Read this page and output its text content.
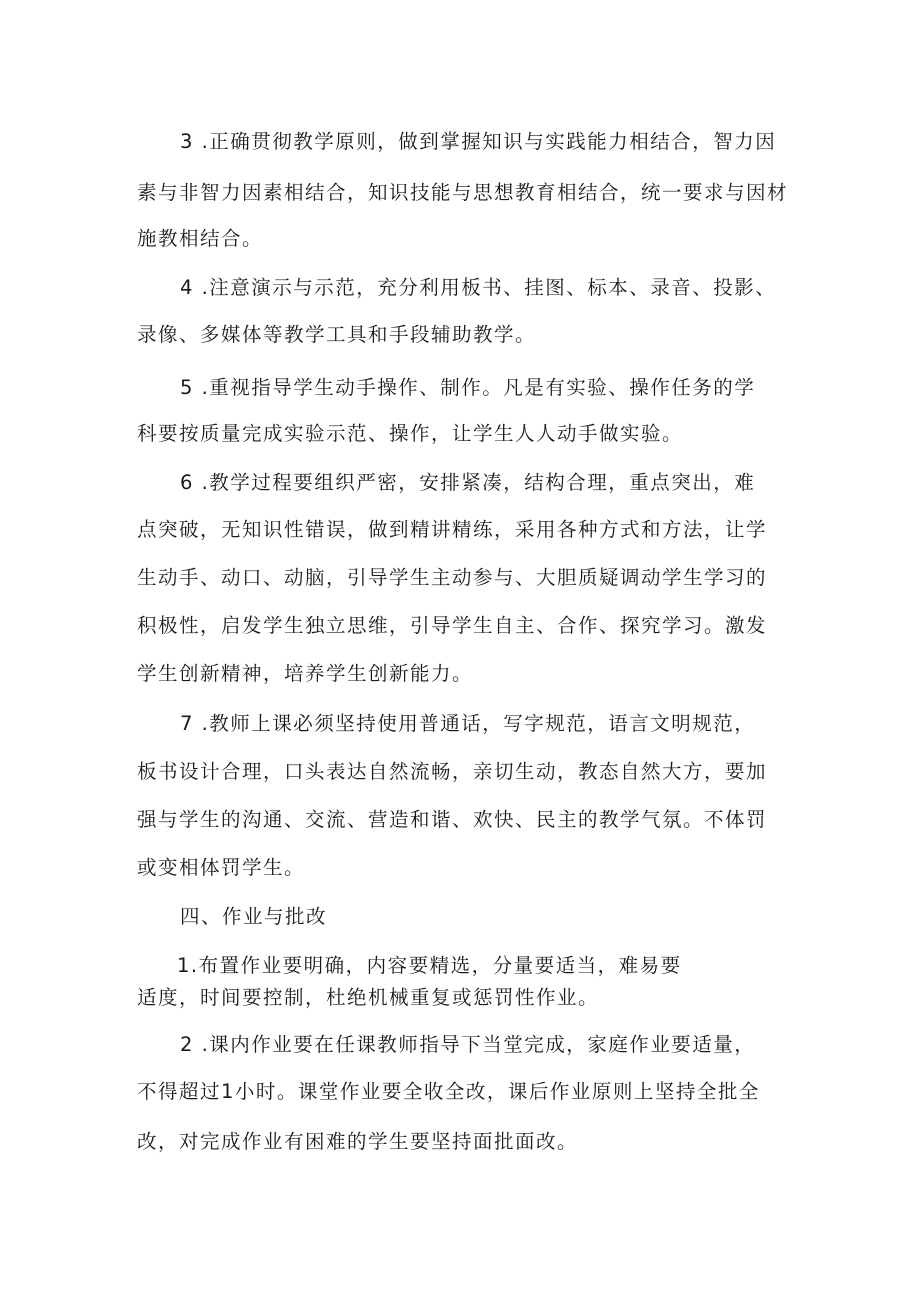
3 .正确贯彻教学原则，做到掌握知识与实践能力相结合，智力因

素与非智力因素相结合，知识技能与思想教育相结合，统一要求与因材

施教相结合。

4 .注意演示与示范，充分利用板书、挂图、标本、录音、投影、

录像、多媒体等教学工具和手段辅助教学。

5 .重视指导学生动手操作、制作。凡是有实验、操作任务的学

科要按质量完成实验示范、操作，让学生人人动手做实验。

6 .教学过程要组织严密，安排紧凑，结构合理，重点突出，难

点突破，无知识性错误，做到精讲精练，采用各种方式和方法，让学

生动手、动口、动脑，引导学生主动参与、大胆质疑调动学生学习的

积极性，启发学生独立思维，引导学生自主、合作、探究学习。激发

学生创新精神，培养学生创新能力。

7 .教师上课必须坚持使用普通话，写字规范，语言文明规范，

板书设计合理，口头表达自然流畅，亲切生动，教态自然大方，要加

强与学生的沟通、交流、营造和谐、欢快、民主的教学气氛。不体罚

或变相体罚学生。

四、作业与批改

1.布置作业要明确，内容要精选，分量要适当，难易要

适度，时间要控制，杜绝机械重复或惩罚性作业。

2 .课内作业要在任课教师指导下当堂完成，家庭作业要适量，

不得超过1小时。课堂作业要全收全改，课后作业原则上坚持全批全

改，对完成作业有困难的学生要坚持面批面改。
